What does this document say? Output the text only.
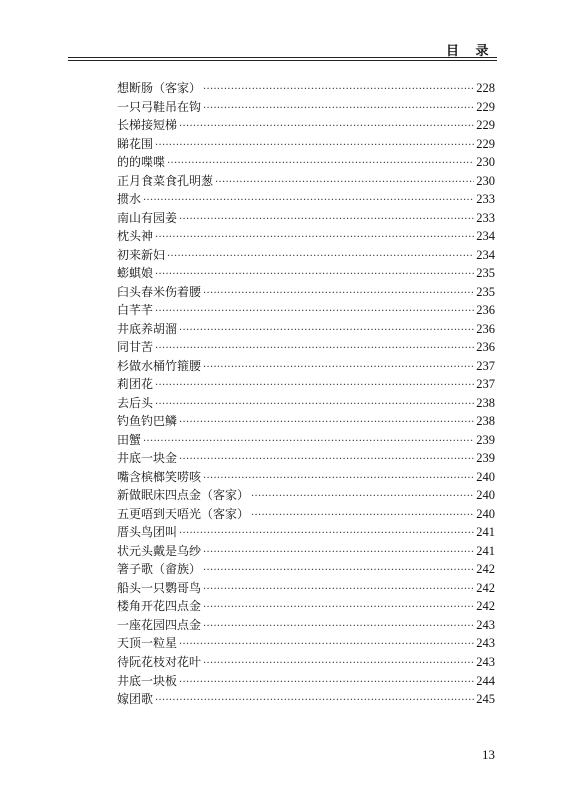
目 录
想断肠（客家） ·····	228
一只弓鞋吊在钩 ·····	229
长梯接短梯 ·····	229
睇花围 ·····	229
的的喋喋 ·····	230
正月食菜食孔明葱 ·····	230
掼水 ·····	233
南山有园姜 ·····	233
枕头神 ·····	234
初来新妇 ·····	234
蟛蜞娘 ·····	235
臼头春米伤着腰 ·····	235
白芊芊 ·····	236
井底养胡溜 ·····	236
同甘苦 ·····	236
杉做水桶竹箍腰 ·····	237
莉团花 ·····	237
去后头 ·····	238
钓鱼钓巴鳞 ·····	238
田蟹 ·····	239
井底一块金 ·····	239
嘴含槟榔笑唠咳 ·····	240
新做眠床四点金（客家） ·····	240
五更唔到天唔光（客家） ·····	240
厝头鸟团叫 ·····	241
状元头戴是乌纱 ·····	241
箸子歌（畲族） ·····	242
船头一只鹦哥鸟 ·····	242
楼角开花四点金 ·····	242
一座花园四点金 ·····	243
天顶一粒星 ·····	243
待阮花枝对花叶 ·····	243
井底一块板 ·····	244
嫁团歌 ·····	245
13
